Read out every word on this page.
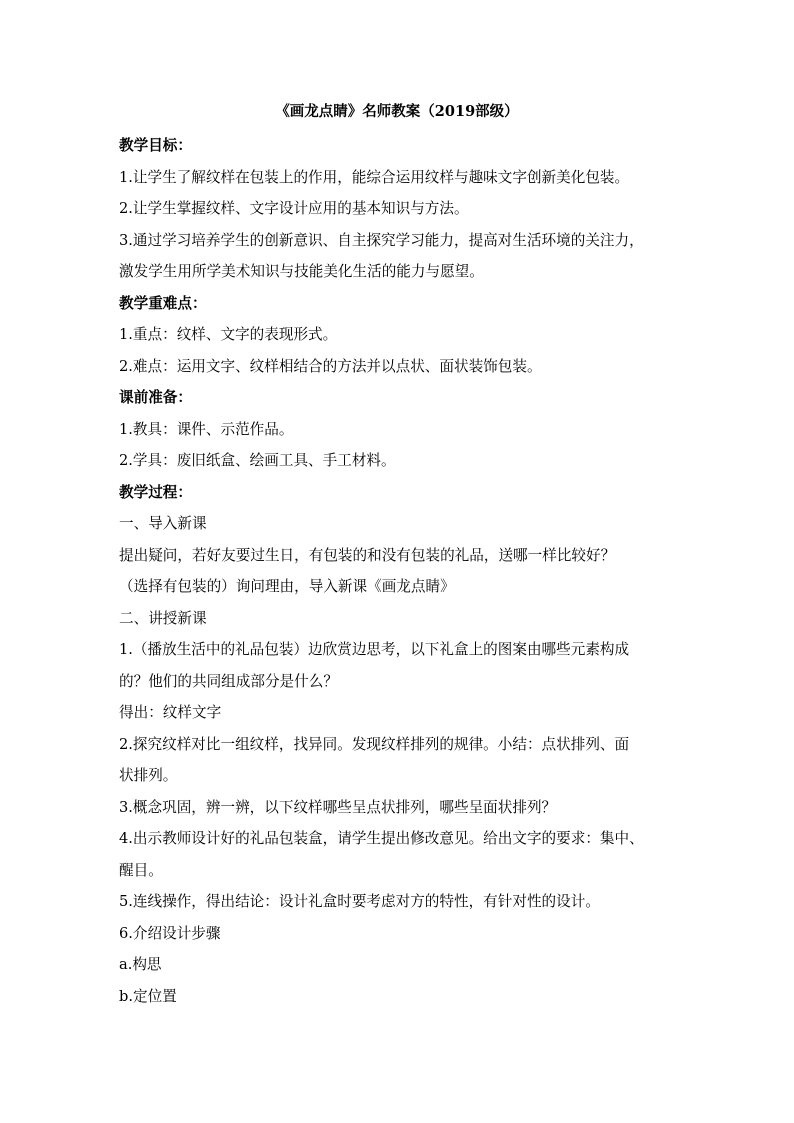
《画龙点睛》名师教案（2019部级）
教学目标：
1.让学生了解纹样在包装上的作用，能综合运用纹样与趣味文字创新美化包装。
2.让学生掌握纹样、文字设计应用的基本知识与方法。
3.通过学习培养学生的创新意识、自主探究学习能力，提高对生活环境的关注力，
激发学生用所学美术知识与技能美化生活的能力与愿望。
教学重难点：
1.重点：纹样、文字的表现形式。
2.难点：运用文字、纹样相结合的方法并以点状、面状装饰包装。
课前准备：
1.教具：课件、示范作品。
2.学具：废旧纸盒、绘画工具、手工材料。
教学过程：
一、导入新课
提出疑问，若好友要过生日，有包装的和没有包装的礼品，送哪一样比较好？
（选择有包装的）询问理由，导入新课《画龙点睛》
二、讲授新课
1.（播放生活中的礼品包装）边欣赏边思考，以下礼盒上的图案由哪些元素构成
的？他们的共同组成部分是什么？
得出：纹样文字
2.探究纹样对比一组纹样，找异同。发现纹样排列的规律。小结：点状排列、面
状排列。
3.概念巩固，辨一辨，以下纹样哪些呈点状排列，哪些呈面状排列？
4.出示教师设计好的礼品包装盒，请学生提出修改意见。给出文字的要求：集中、
醒目。
5.连线操作，得出结论：设计礼盒时要考虑对方的特性，有针对性的设计。
6.介绍设计步骤
a.构思
b.定位置
